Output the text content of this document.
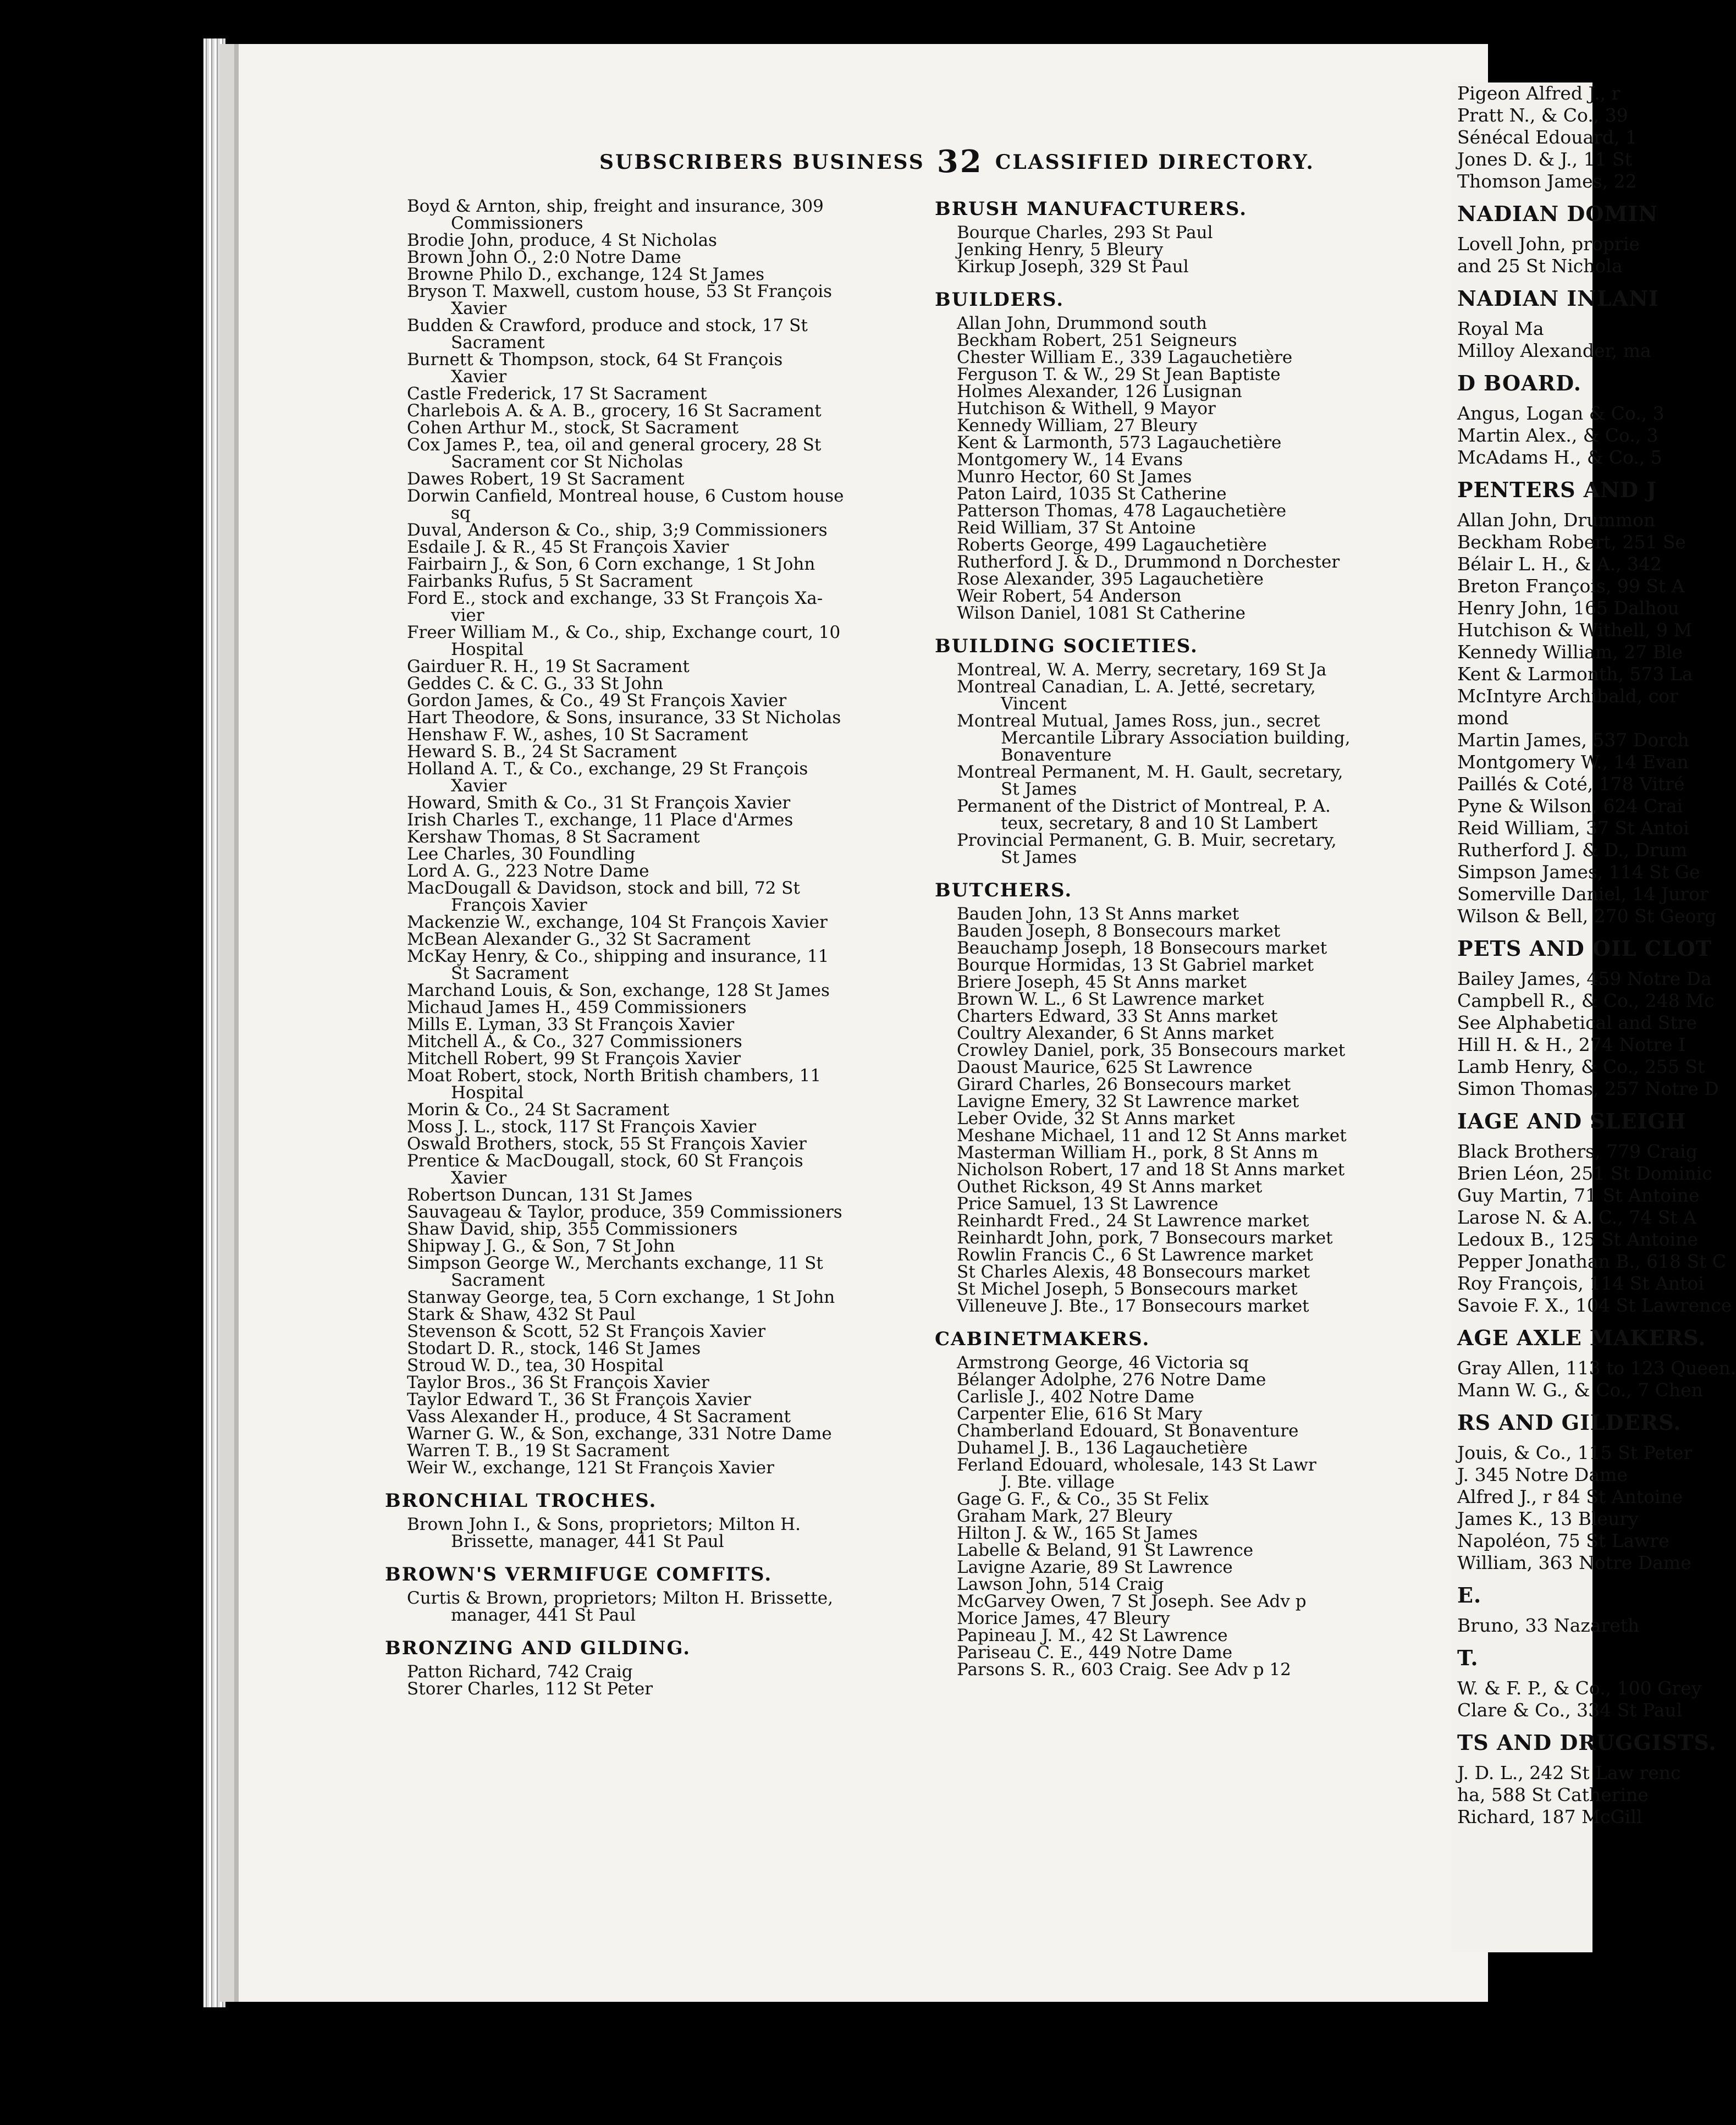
SUBSCRIBERS BUSINESS 32 CLASSIFIED DIRECTORY.

Boyd & Arnton, ship, freight and insurance, 309
Commissioners

Brodie John, produce, 4 St Nicholas

Brown John O., 2:0 Notre Dame

Browne Philo D., exchange, 124 St James

Bryson T. Maxwell, custom house, 53 St François
Xavier

Budden & Crawford, produce and stock, 17 St
Sacrament

Burnett & Thompson, stock, 64 St François
Xavier

Castle Frederick, 17 St Sacrament

Charlebois A. & A. B., grocery, 16 St Sacrament

Cohen Arthur M., stock, St Sacrament

Cox James P., tea, oil and general grocery, 28 St
Sacrament cor St Nicholas

Dawes Robert, 19 St Sacrament

Dorwin Canfield, Montreal house, 6 Custom house
sq

Duval, Anderson & Co., ship, 3;9 Commissioners

Esdaile J. & R., 45 St François Xavier

Fairbairn J., & Son, 6 Corn exchange, 1 St John

Fairbanks Rufus, 5 St Sacrament

Ford E., stock and exchange, 33 St François Xa-
vier

Freer William M., & Co., ship, Exchange court, 10
Hospital

Gairduer R. H., 19 St Sacrament

Geddes C. & C. G., 33 St John

Gordon James, & Co., 49 St François Xavier

Hart Theodore, & Sons, insurance, 33 St Nicholas

Henshaw F. W., ashes, 10 St Sacrament

Heward S. B., 24 St Sacrament

Holland A. T., & Co., exchange, 29 St François
Xavier

Howard, Smith & Co., 31 St François Xavier

Irish Charles T., exchange, 11 Place d'Armes

Kershaw Thomas, 8 St Sacrament

Lee Charles, 30 Foundling

Lord A. G., 223 Notre Dame

MacDougall & Davidson, stock and bill, 72 St
François Xavier

Mackenzie W., exchange, 104 St François Xavier

McBean Alexander G., 32 St Sacrament

McKay Henry, & Co., shipping and insurance, 11
St Sacrament

Marchand Louis, & Son, exchange, 128 St James

Michaud James H., 459 Commissioners

Mills E. Lyman, 33 St François Xavier

Mitchell A., & Co., 327 Commissioners

Mitchell Robert, 99 St François Xavier

Moat Robert, stock, North British chambers, 11
Hospital

Morin & Co., 24 St Sacrament

Moss J. L., stock, 117 St François Xavier

Oswald Brothers, stock, 55 St François Xavier

Prentice & MacDougall, stock, 60 St François
Xavier

Robertson Duncan, 131 St James

Sauvageau & Taylor, produce, 359 Commissioners

Shaw David, ship, 355 Commissioners

Shipway J. G., & Son, 7 St John

Simpson George W., Merchants exchange, 11 St
Sacrament

Stanway George, tea, 5 Corn exchange, 1 St John

Stark & Shaw, 432 St Paul

Stevenson & Scott, 52 St François Xavier

Stodart D. R., stock, 146 St James

Stroud W. D., tea, 30 Hospital

Taylor Bros., 36 St François Xavier

Taylor Edward T., 36 St François Xavier

Vass Alexander H., produce, 4 St Sacrament

Warner G. W., & Son, exchange, 331 Notre Dame

Warren T. B., 19 St Sacrament

Weir W., exchange, 121 St François Xavier

BRONCHIAL TROCHES.

Brown John I., & Sons, proprietors; Milton H.
Brissette, manager, 441 St Paul

BROWN'S VERMIFUGE COMFITS.

Curtis & Brown, proprietors; Milton H. Brissette,
manager, 441 St Paul

BRONZING AND GILDING.

Patton Richard, 742 Craig

Storer Charles, 112 St Peter

BRUSH MANUFACTURERS.

Bourque Charles, 293 St Paul

Jenking Henry, 5 Bleury

Kirkup Joseph, 329 St Paul

BUILDERS.

Allan John, Drummond south

Beckham Robert, 251 Seigneurs

Chester William E., 339 Lagauchetière

Ferguson T. & W., 29 St Jean Baptiste

Holmes Alexander, 126 Lusignan

Hutchison & Withell, 9 Mayor

Kennedy William, 27 Bleury

Kent & Larmonth, 573 Lagauchetière

Montgomery W., 14 Evans

Munro Hector, 60 St James

Paton Laird, 1035 St Catherine

Patterson Thomas, 478 Lagauchetière

Reid William, 37 St Antoine

Roberts George, 499 Lagauchetière

Rutherford J. & D., Drummond n Dorchester

Rose Alexander, 395 Lagauchetière

Weir Robert, 54 Anderson

Wilson Daniel, 1081 St Catherine

BUILDING SOCIETIES.

Montreal, W. A. Merry, secretary, 169 St Ja

Montreal Canadian, L. A. Jetté, secretary,
Vincent

Montreal Mutual, James Ross, jun., secret
Mercantile Library Association building,
Bonaventure

Montreal Permanent, M. H. Gault, secretary,
St James

Permanent of the District of Montreal, P. A.
teux, secretary, 8 and 10 St Lambert

Provincial Permanent, G. B. Muir, secretary,
St James

BUTCHERS.

Bauden John, 13 St Anns market

Bauden Joseph, 8 Bonsecours market

Beauchamp Joseph, 18 Bonsecours market

Bourque Hormidas, 13 St Gabriel market

Briere Joseph, 45 St Anns market

Brown W. L., 6 St Lawrence market

Charters Edward, 33 St Anns market

Coultry Alexander, 6 St Anns market

Crowley Daniel, pork, 35 Bonsecours market

Daoust Maurice, 625 St Lawrence

Girard Charles, 26 Bonsecours market

Lavigne Emery, 32 St Lawrence market

Leber Ovide, 32 St Anns market

Meshane Michael, 11 and 12 St Anns market

Masterman William H., pork, 8 St Anns m

Nicholson Robert, 17 and 18 St Anns market

Outhet Rickson, 49 St Anns market

Price Samuel, 13 St Lawrence

Reinhardt Fred., 24 St Lawrence market

Reinhardt John, pork, 7 Bonsecours market

Rowlin Francis C., 6 St Lawrence market

St Charles Alexis, 48 Bonsecours market

St Michel Joseph, 5 Bonsecours market

Villeneuve J. Bte., 17 Bonsecours market

CABINETMAKERS.

Armstrong George, 46 Victoria sq

Bélanger Adolphe, 276 Notre Dame

Carlisle J., 402 Notre Dame

Carpenter Elie, 616 St Mary

Chamberland Edouard, St Bonaventure

Duhamel J. B., 136 Lagauchetière

Ferland Edouard, wholesale, 143 St Lawr
J. Bte. village

Gage G. F., & Co., 35 St Felix

Graham Mark, 27 Bleury

Hilton J. & W., 165 St James

Labelle & Beland, 91 St Lawrence

Lavigne Azarie, 89 St Lawrence

Lawson John, 514 Craig

McGarvey Owen, 7 St Joseph. See Adv p

Morice James, 47 Bleury

Papineau J. M., 42 St Lawrence

Pariseau C. E., 449 Notre Dame

Parsons S. R., 603 Craig. See Adv p 12

Pigeon Alfred J., r
Pratt N., & Co., 39
Sénécal Edouard, 1
Jones D. & J., 11 St
Thomson James, 22
NADIAN DOMIN
Lovell John, proprie
and 25 St Nichola
NADIAN INLANI
Royal Ma
Milloy Alexander, ma
D BOARD.
Angus, Logan & Co., 3
Martin Alex., & Co., 3
McAdams H., & Co., 5
PENTERS AND J
Allan John, Drummon
Beckham Robert, 251 Se
Bélair L. H., & A., 342
Breton François, 99 St A
Henry John, 165 Dalhou
Hutchison & Withell, 9 M
Kennedy William, 27 Ble
Kent & Larmonth, 573 La
McIntyre Archibald, cor
mond
Martin James, 537 Dorch
Montgomery W., 14 Evan
Paillés & Coté, 178 Vitré
Pyne & Wilson, 624 Crai
Reid William, 37 St Antoi
Rutherford J. & D., Drum
Simpson James, 114 St Ge
Somerville Daniel, 14 Juror
Wilson & Bell, 270 St Georg
PETS AND OIL CLOT
Bailey James, 459 Notre Da
Campbell R., & Co., 248 Mc
See Alphabetical and Stre
Hill H. & H., 274 Notre I
Lamb Henry, & Co., 255 St
Simon Thomas, 257 Notre D
IAGE AND SLEIGH
Black Brothers, 779 Craig
Brien Léon, 251 St Dominic
Guy Martin, 71 St Antoine
Larose N. & A. C., 74 St A
Ledoux B., 125 St Antoine
Pepper Jonathan B., 618 St C
Roy François, 114 St Antoi
Savoie F. X., 104 St Lawrence
AGE AXLE MAKERS.
Gray Allen, 113 to 123 Queen.
Mann W. G., & Co., 7 Chen
RS AND GILDERS.
Jouis, & Co., 115 St Peter
J. 345 Notre Dame
Alfred J., r 84 St Antoine
James K., 13 Bleury
Napoléon, 75 St Lawre
William, 363 Notre Dame
E.
Bruno, 33 Nazareth
T.
W. & F. P., & Co., 100 Grey
Clare & Co., 334 St Paul
TS AND DRUGGISTS.
J. D. L., 242 St Law renc
ha, 588 St Catherine
Richard, 187 McGill
